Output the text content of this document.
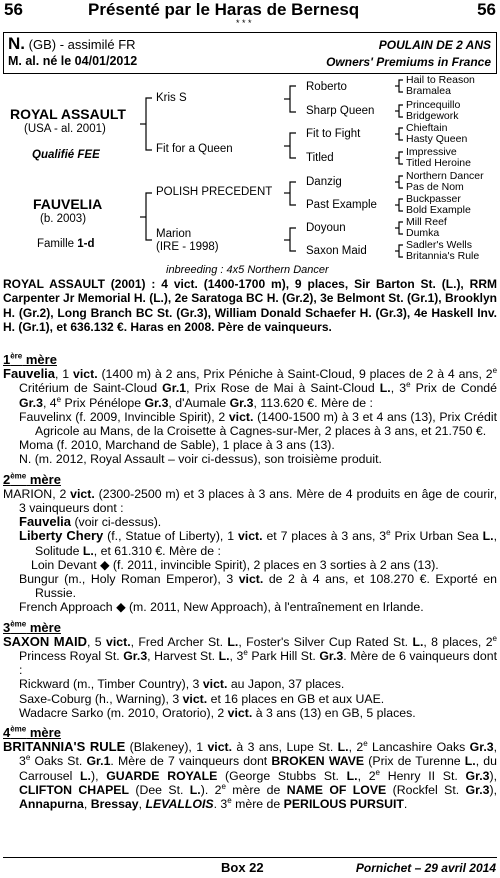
56	Présenté par le Haras de Bernesq	56
* * *
N. (GB) - assimilé FR	POULAIN DE 2 ANS
M. al. né le 04/01/2012	Owners' Premiums in France
ROYAL ASSAULT
(USA - al. 2001)
Qualifié FEE
FAUVELIA
(b. 2003)
Famille 1-d
Kris S
Fit for a Queen
POLISH PRECEDENT
Marion
(IRE - 1998)
Roberto
Sharp Queen
Fit to Fight
Titled
Danzig
Past Example
Doyoun
Saxon Maid
Hail to Reason
Bramalea
Princequillo
Bridgework
Chieftain
Hasty Queen
Impressive
Titled Heroine
Northern Dancer
Pas de Nom
Buckpasser
Bold Example
Mill Reef
Dumka
Sadler's Wells
Britannia's Rule
inbreeding : 4x5 Northern Dancer
ROYAL ASSAULT (2001) : 4 vict. (1400-1700 m), 9 places, Sir Barton St. (L.), RRM Carpenter Jr Memorial H. (L.), 2e Saratoga BC H. (Gr.2), 3e Belmont St. (Gr.1), Brooklyn H. (Gr.2), Long Branch BC St. (Gr.3), William Donald Schaefer H. (Gr.3), 4e Haskell Inv. H. (Gr.1), et 636.132 €. Haras en 2008. Père de vainqueurs.
1ère mère
Fauvelia, 1 vict. (1400 m) à 2 ans, Prix Péniche à Saint-Cloud, 9 places de 2 à 4 ans, 2e Critérium de Saint-Cloud Gr.1, Prix Rose de Mai à Saint-Cloud L., 3e Prix de Condé Gr.3, 4e Prix Pénélope Gr.3, d'Aumale Gr.3, 113.620 €. Mère de :
Fauvelinx (f. 2009, Invincible Spirit), 2 vict. (1400-1500 m) à 3 et 4 ans (13), Prix Crédit Agricole au Mans, de la Croisette à Cagnes-sur-Mer, 2 places à 3 ans, et 21.750 €.
Moma (f. 2010, Marchand de Sable), 1 place à 3 ans (13).
N. (m. 2012, Royal Assault – voir ci-dessus), son troisième produit.
2ème mère
MARION, 2 vict. (2300-2500 m) et 3 places à 3 ans. Mère de 4 produits en âge de courir, 3 vainqueurs dont :
Fauvelia (voir ci-dessus).
Liberty Chery (f., Statue of Liberty), 1 vict. et 7 places à 3 ans, 3e Prix Urban Sea L., Solitude L., et 61.310 €. Mère de :
Loin Devant ◆ (f. 2011, invincible Spirit), 2 places en 3 sorties à 2 ans (13).
Bungur (m., Holy Roman Emperor), 3 vict. de 2 à 4 ans, et 108.270 €. Exporté en Russie.
French Approach ◆ (m. 2011, New Approach), à l'entraînement en Irlande.
3ème mère
SAXON MAID, 5 vict., Fred Archer St. L., Foster's Silver Cup Rated St. L., 8 places, 2e Princess Royal St. Gr.3, Harvest St. L., 3e Park Hill St. Gr.3. Mère de 6 vainqueurs dont :
Rickward (m., Timber Country), 3 vict. au Japon, 37 places.
Saxe-Coburg (h., Warning), 3 vict. et 16 places en GB et aux UAE.
Wadacre Sarko (m. 2010, Oratorio), 2 vict. à 3 ans (13) en GB, 5 places.
4ème mère
BRITANNIA'S RULE (Blakeney), 1 vict. à 3 ans, Lupe St. L., 2e Lancashire Oaks Gr.3, 3e Oaks St. Gr.1. Mère de 7 vainqueurs dont BROKEN WAVE (Prix de Turenne L., du Carrousel L.), GUARDE ROYALE (George Stubbs St. L., 2e Henry II St. Gr.3), CLIFTON CHAPEL (Dee St. L.). 2e mère de NAME OF LOVE (Rockfel St. Gr.3), Annapurna, Bressay, LEVALLOIS. 3e mère de PERILOUS PURSUIT.
Box 22	Pornichet – 29 avril 2014
